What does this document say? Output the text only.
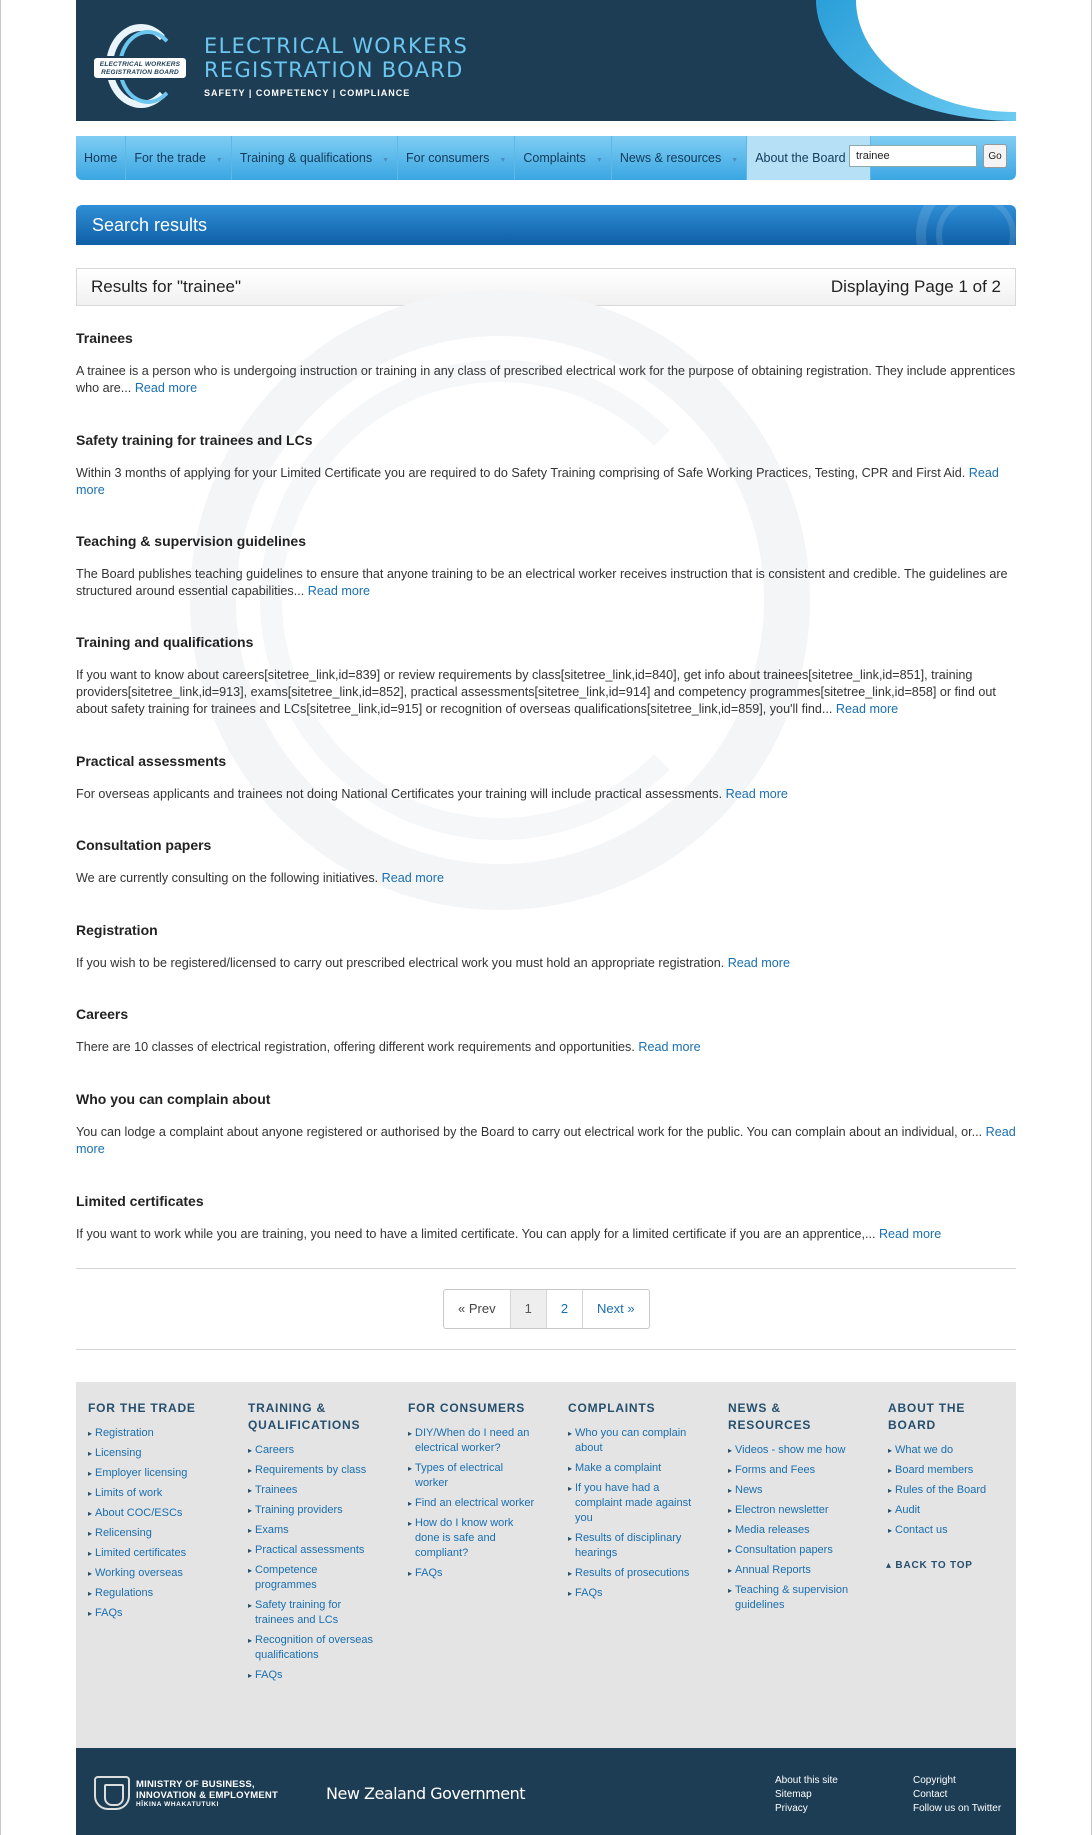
ELECTRICAL WORKERS
REGISTRATION BOARD
ELECTRICAL WORKERS
REGISTRATION BOARD
SAFETY | COMPETENCY | COMPLIANCE
Home	For the trade ▼	Training & qualifications ▼	For consumers ▼	Complaints ▼	News & resources ▼	About the Board
trainee	Go
Search results
Results for "trainee"	Displaying Page 1 of 2
Trainees

A trainee is a person who is undergoing instruction or training in any class of prescribed electrical work for the purpose of obtaining registration. They include apprentices who are... Read more

Safety training for trainees and LCs

Within 3 months of applying for your Limited Certificate you are required to do Safety Training comprising of Safe Working Practices, Testing, CPR and First Aid. Read more

Teaching & supervision guidelines

The Board publishes teaching guidelines to ensure that anyone training to be an electrical worker receives instruction that is consistent and credible. The guidelines are structured around essential capabilities... Read more

Training and qualifications

If you want to know about careers[sitetree_link,id=839] or review requirements by class[sitetree_link,id=840], get info about trainees[sitetree_link,id=851], training providers[sitetree_link,id=913], exams[sitetree_link,id=852], practical assessments[sitetree_link,id=914] and competency programmes[sitetree_link,id=858] or find out about safety training for trainees and LCs[sitetree_link,id=915] or recognition of overseas qualifications[sitetree_link,id=859], you'll find... Read more

Practical assessments

For overseas applicants and trainees not doing National Certificates your training will include practical assessments. Read more

Consultation papers

We are currently consulting on the following initiatives. Read more

Registration

If you wish to be registered/licensed to carry out prescribed electrical work you must hold an appropriate registration. Read more

Careers

There are 10 classes of electrical registration, offering different work requirements and opportunities. Read more

Who you can complain about

You can lodge a complaint about anyone registered or authorised by the Board to carry out electrical work for the public. You can complain about an individual, or... Read more

Limited certificates

If you want to work while you are training, you need to have a limited certificate. You can apply for a limited certificate if you are an apprentice,... Read more

« Prev	1	2	Next »
▴ BACK TO TOP
FOR THE TRADE
▸ Registration
▸ Licensing
▸ Employer licensing
▸ Limits of work
▸ About COC/ESCs
▸ Relicensing
▸ Limited certificates
▸ Working overseas
▸ Regulations
▸ FAQs
TRAINING & QUALIFICATIONS
▸ Careers
▸ Requirements by class
▸ Trainees
▸ Training providers
▸ Exams
▸ Practical assessments
▸ Competence programmes
▸ Safety training for trainees and LCs
▸ Recognition of overseas qualifications
▸ FAQs
FOR CONSUMERS
▸ DIY/When do I need an electrical worker?
▸ Types of electrical worker
▸ Find an electrical worker
▸ How do I know work done is safe and compliant?
▸ FAQs
COMPLAINTS
▸ Who you can complain about
▸ Make a complaint
▸ If you have had a complaint made against you
▸ Results of disciplinary hearings
▸ Results of prosecutions
▸ FAQs
NEWS & RESOURCES
▸ Videos - show me how
▸ Forms and Fees
▸ News
▸ Electron newsletter
▸ Media releases
▸ Consultation papers
▸ Annual Reports
▸ Teaching & supervision guidelines
ABOUT THE BOARD
▸ What we do
▸ Board members
▸ Rules of the Board
▸ Audit
▸ Contact us
MINISTRY OF BUSINESS,
INNOVATION & EMPLOYMENT
HĪKINA WHAKATUTUKI
New Zealand Government
About this site
Sitemap
Privacy
Copyright
Contact
Follow us on Twitter
